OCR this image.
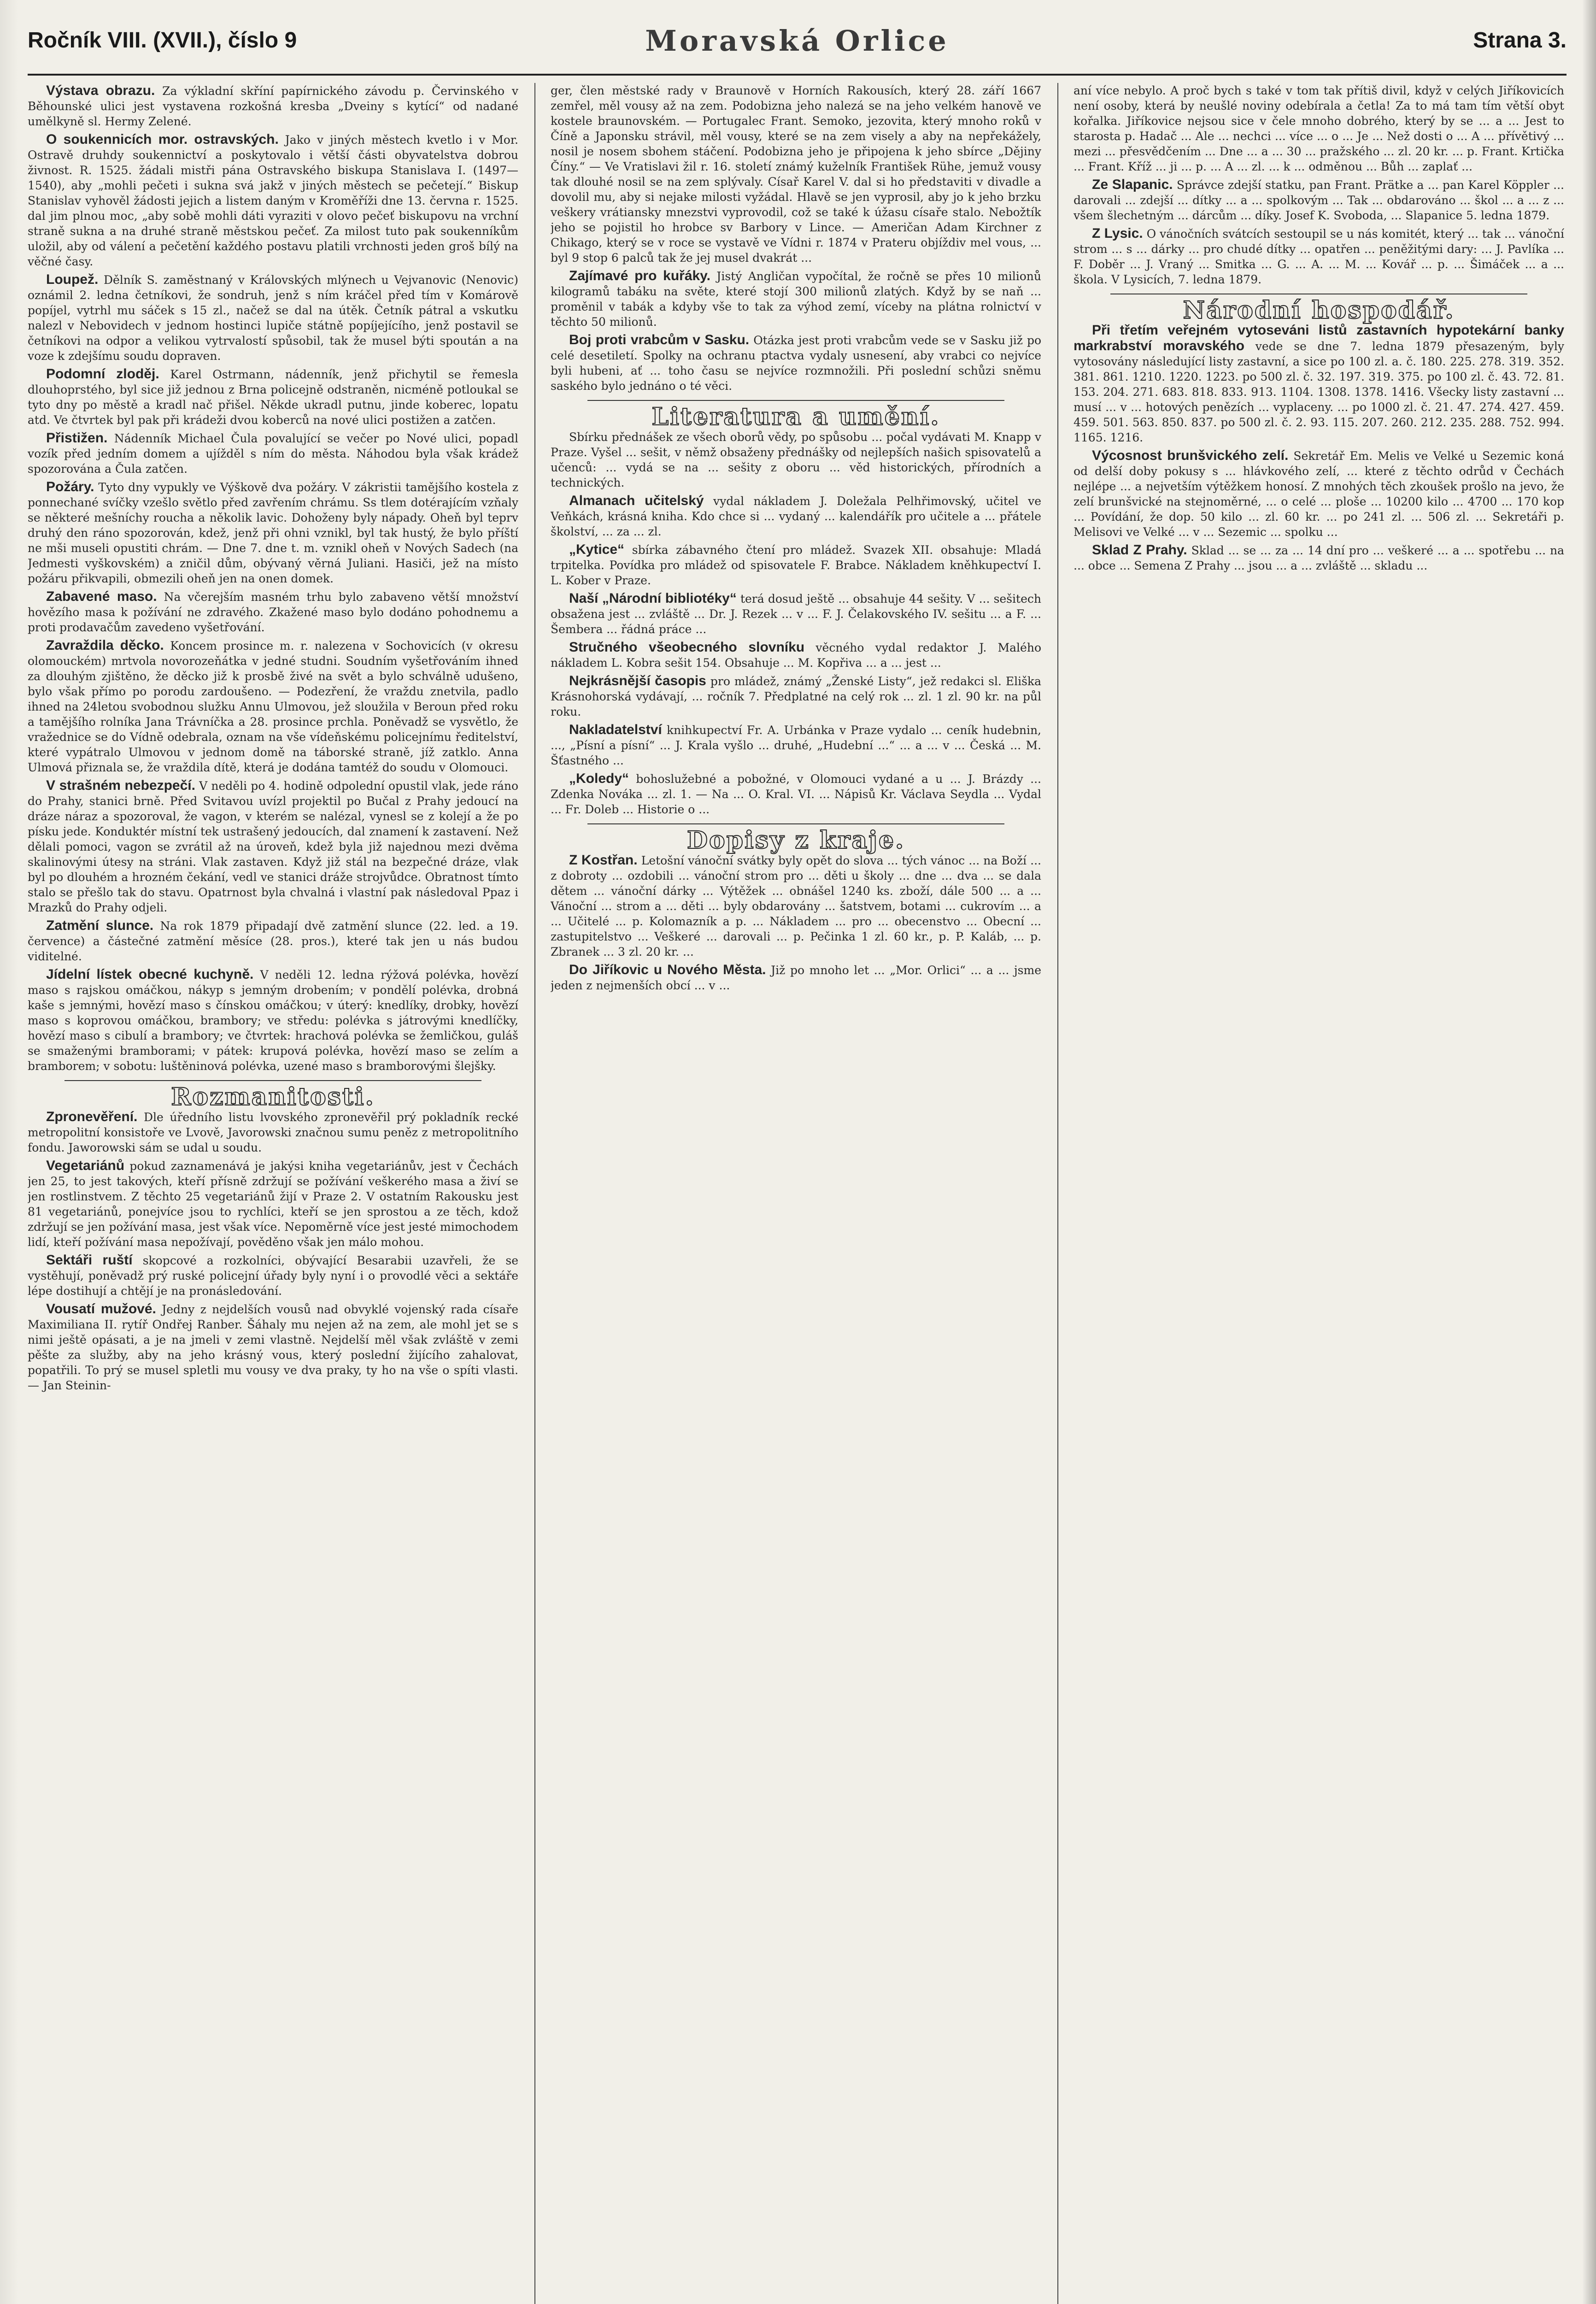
Ročník VIII. (XVII.), číslo 9	Moravská Orlice	Strana 3.

Výstava obrazu. Za výkladní skříní papírnického závodu p. Červinského v Běhounské ulici jest vystavena rozkošná kresba „Dveiny s kytící“ od nadané umělkyně sl. Hermy Zelené.

O soukennicích mor. ostravských. Jako v jiných městech kvetlo i v Mor. Ostravě druhdy soukennictví a poskytovalo i větší části obyvatelstva dobrou živnost. R. 1525. žádali mistři pána Ostravského biskupa Stanislava I. (1497—1540), aby „mohli pečeti i sukna svá jakž v jiných městech se pečetejí.“ Biskup Stanislav vyhověl žádosti jejich a listem daným v Kroměříži dne 13. června r. 1525. dal jim plnou moc, „aby sobě mohli dáti vyraziti v olovo pečeť biskupovu na vrchní straně sukna a na druhé straně městskou pečeť. Za milost tuto pak soukenníkům uložil, aby od válení a pečetění každého postavu platili vrchnosti jeden groš bílý na věčné časy.

Loupež. Dělník S. zaměstnaný v Královských mlýnech u Vejvanovic (Nenovic) oznámil 2. ledna četníkovi, že sondruh, jenž s ním kráčel před tím v Komárově popíjel, vytrhl mu sáček s 15 zl., načež se dal na útěk. Četník pátral a vskutku nalezl v Nebovidech v jednom hostinci lupiče státně popíjejícího, jenž postavil se četníkovi na odpor a velikou vytrvalostí spůsobil, tak že musel býti spoután a na voze k zdejšímu soudu dopraven.

Podomní zloděj. Karel Ostrmann, nádenník, jenž přichytil se řemesla dlouhoprstého, byl sice již jednou z Brna policejně odstraněn, nicméně potloukal se tyto dny po městě a kradl nač přišel. Někde ukradl putnu, jinde koberec, lopatu atd. Ve čtvrtek byl pak při krádeži dvou koberců na nové ulici postižen a zatčen.

Přistižen. Nádenník Michael Čula povalující se večer po Nové ulici, popadl vozík před jedním domem a ujížděl s ním do města. Náhodou byla však krádež spozorována a Čula zatčen.

Požáry. Tyto dny vypukly ve Výškově dva požáry. V zákristii tamějšího kostela z ponnechané svíčky vzešlo světlo před zavřením chrámu. Ss tlem dotérajícím vzňaly se některé mešníchy roucha a několik lavic. Dohoženy byly nápady. Oheň byl teprv druhý den ráno spozorován, kdež, jenž při ohni vznikl, byl tak hustý, že bylo příští ne mši museli opustiti chrám. — Dne 7. dne t. m. vznikl oheň v Nových Sadech (na Jedmesti vyškovském) a zničil dům, obývaný věrná Juliani. Hasiči, jež na místo požáru přikvapili, obmezili oheň jen na onen domek.

Zabavené maso. Na včerejším masném trhu bylo zabaveno větší množství hovězího masa k požívání ne zdravého. Zkažené maso bylo dodáno pohodnemu a proti prodavačům zavedeno vyšetřování.

Zavraždila děcko. Koncem prosince m. r. nalezena v Sochovicích (v okresu olomouckém) mrtvola novorozeňátka v jedné studni. Soudním vyšetřováním ihned za dlouhým zjištěno, že děcko již k prosbě živé na svět a bylo schválně udušeno, bylo však přímo po porodu zardoušeno. — Podezření, že vraždu znetvila, padlo ihned na 24letou svobodnou služku Annu Ulmovou, jež sloužila v Beroun před roku a tamějšího rolníka Jana Trávníčka a 28. prosince prchla. Poněvadž se vysvětlo, že vražednice se do Vídně odebrala, oznam na vše vídeňskému policejnímu ředitelství, které vypátralo Ulmovou v jednom domě na táborské straně, jíž zatklo. Anna Ulmová přiznala se, že vraždila dítě, která je dodána tamtéž do soudu v Olomouci.

V strašném nebezpečí. V neděli po 4. hodině odpolední opustil vlak, jede ráno do Prahy, stanici brně. Před Svitavou uvízl projektil po Bučal z Prahy jedoucí na dráze náraz a spozoroval, že vagon, v kterém se nalézal, vynesl se z kolejí a že po písku jede. Konduktér místní tek ustrašený jedoucích, dal znamení k zastavení. Než dělali pomoci, vagon se zvrátil až na úroveň, kdež byla již najednou mezi dvěma skalinovými útesy na stráni. Vlak zastaven. Když již stál na bezpečné dráze, vlak byl po dlouhém a hrozném čekání, vedl ve stanici dráže strojvůdce. Obratnost tímto stalo se přešlo tak do stavu. Opatrnost byla chvalná i vlastní pak následoval Ppaz i Mrazků do Prahy odjeli.

Zatmění slunce. Na rok 1879 připadají dvě zatmění slunce (22. led. a 19. července) a částečné zatmění měsíce (28. pros.), které tak jen u nás budou viditelné.

Jídelní lístek obecné kuchyně. V neděli 12. ledna rýžová polévka, hovězí maso s rajskou omáčkou, nákyp s jemným drobením; v pondělí polévka, drobná kaše s jemnými, hovězí maso s čínskou omáčkou; v úterý: knedlíky, drobky, hovězí maso s koprovou omáčkou, brambory; ve středu: polévka s játrovými knedlíčky, hovězí maso s cibulí a brambory; ve čtvrtek: hrachová polévka se žemličkou, guláš se smaženými bramborami; v pátek: krupová polévka, hovězí maso se zelím a bramborem; v sobotu: luštěninová polévka, uzené maso s bramborovými šlejšky.

Rozmanitosti.

Zpronevěření. Dle úředního listu lvovského zpronevěřil prý pokladník recké metropolitní konsistoře ve Lvově, Javorowski značnou sumu peněz z metropolitního fondu. Jaworowski sám se udal u soudu.

Vegetariánů pokud zaznamenává je jakýsi kniha vegetariánův, jest v Čechách jen 25, to jest takových, kteří přísně zdržují se požívání veškerého masa a živí se jen rostlinstvem. Z těchto 25 vegetariánů žijí v Praze 2. V ostatním Rakousku jest 81 vegetariánů, ponejvíce jsou to rychlíci, kteří se jen sprostou a ze těch, kdož zdržují se jen požívání masa, jest však více. Nepoměrně více jest jesté mimochodem lidí, kteří požívání masa nepožívají, pověděno však jen málo mohou.

Sektáři ruští skopcové a rozkolníci, obývající Besarabii uzavřeli, že se vystěhují, poněvadž prý ruské policejní úřady byly nyní i o provodlé věci a sektáře lépe dostihují a chtějí je na pronásledování.

Vousatí mužové. Jedny z nejdelších vousů nad obvyklé vojenský rada císaře Maximiliana II. rytíř Ondřej Ranber. Šáhaly mu nejen až na zem, ale mohl jet se s nimi ještě opásati, a je na jmeli v zemi vlastně. Nejdelší měl však zvláště v zemi pěšte za služby, aby na jeho krásný vous, který poslední žijícího zahalovat, popatřili. To prý se musel spletli mu vousy ve dva praky, ty ho na vše o spíti vlasti. — Jan Steinin-

ger, člen městské rady v Braunově v Horních Rakousích, který 28. září 1667 zemřel, měl vousy až na zem. Podobizna jeho nalezá se na jeho velkém hanově ve kostele braunovském. — Portugalec Frant. Semoko, jezovita, který mnoho roků v Číně a Japonsku strávil, měl vousy, které se na zem visely a aby na nepřekážely, nosil je nosem sbohem stáčení. Podobizna jeho je připojena k jeho sbírce „Dějiny Číny.“ — Ve Vratislavi žil r. 16. století známý kuželník František Rühe, jemuž vousy tak dlouhé nosil se na zem splývaly. Císař Karel V. dal si ho představiti v divadle a dovolil mu, aby si nejake milosti vyžádal. Hlavě se jen vyprosil, aby jo k jeho brzku veškery vrátiansky mnezstvi vyprovodil, což se také k úžasu císaře stalo. Nebožtík jeho se pojistil ho hrobce sv Barbory v Lince. — Američan Adam Kirchner z Chikago, který se v roce se vystavě ve Vídni r. 1874 v Prateru objíždiv mel vous, ... byl 9 stop 6 palců tak že jej musel dvakrát ...

Zajímavé pro kuřáky. Jistý Angličan vypočítal, že ročně se přes 10 milionů kilogramů tabáku na světe, které stojí 300 milionů zlatých. Když by se naň ... proměnil v tabák a kdyby vše to tak za výhod zemí, víceby na plátna rolnictví v těchto 50 milionů.

Boj proti vrabcům v Sasku. Otázka jest proti vrabcům vede se v Sasku již po celé desetiletí. Spolky na ochranu ptactva vydaly usnesení, aby vrabci co nejvíce byli hubeni, ať ... toho času se nejvíce rozmnožili. Při poslední schůzi sněmu saského bylo jednáno o té věci.

Literatura a umění.

Sbírku přednášek ze všech oborů vědy, po spůsobu ... počal vydávati M. Knapp v Praze. Vyšel ... sešit, v němž obsaženy přednášky od nejlepších našich spisovatelů a učenců: ... vydá se na ... sešity z oboru ... věd historických, přírodních a technických.

Almanach učitelský vydal nákladem J. Doležala Pelhřimovský, učitel ve Veňkách, krásná kniha. Kdo chce si ... vydaný ... kalendářík pro učitele a ... přátele školství, ... za ... zl.

„Kytice“ sbírka zábavného čtení pro mládež. Svazek XII. obsahuje: Mladá trpitelka. Povídka pro mládež od spisovatele F. Brabce. Nákladem kněhkupectví I. L. Kober v Praze.

Naší „Národní bibliotéky“ terá dosud ještě ... obsahuje 44 sešity. V ... sešitech obsažena jest ... zvláště ... Dr. J. Rezek ... v ... F. J. Čelakovského IV. sešitu ... a F. ... Šembera ... řádná práce ...

Stručného všeobecného slovníku věcného vydal redaktor J. Malého nákladem L. Kobra sešit 154. Obsahuje ... M. Kopřiva ... a ... jest ...

Nejkrásnější časopis pro mládež, známý „Ženské Listy“, jež redakci sl. Eliška Krásnohorská vydávají, ... ročník 7. Předplatné na celý rok ... zl. 1 zl. 90 kr. na půl roku.

Nakladatelství knihkupectví Fr. A. Urbánka v Praze vydalo ... ceník hudebnin, ..., „Písní a písní“ ... J. Krala vyšlo ... druhé, „Hudební ...“ ... a ... v ... Česká ... M. Šťastného ...

„Koledy“ bohoslužebné a pobožné, v Olomouci vydané a u ... J. Brázdy ... Zdenka Nováka ... zl. 1. — Na ... O. Kral. VI. ... Nápisů Kr. Václava Seydla ... Vydal ... Fr. Doleb ... Historie o ...

Dopisy z kraje.

Z Kostřan. Letošní vánoční svátky byly opět do slova ... tých vánoc ... na Boží ... z dobroty ... ozdobili ... vánoční strom pro ... děti u školy ... dne ... dva ... se dala dětem ... vánoční dárky ... Výtěžek ... obnášel 1240 ks. zboží, dále 500 ... a ... Vánoční ... strom a ... děti ... byly obdarovány ... šatstvem, botami ... cukrovím ... a ... Učitelé ... p. Kolomazník a p. ... Nákladem ... pro ... obecenstvo ... Obecní ... zastupitelstvo ... Veškeré ... darovali ... p. Pečinka 1 zl. 60 kr., p. P. Kaláb, ... p. Zbranek ... 3 zl. 20 kr. ...

Do Jiříkovic u Nového Města. Již po mnoho let ... „Mor. Orlici“ ... a ... jsme jeden z nejmenších obcí ... v ...

aní více nebylo. A proč bych s také v tom tak přítiš divil, když v celých Jiříkovicích není osoby, která by neušlé noviny odebírala a četla! Za to má tam tím větší obyt kořalka. Jiříkovice nejsou sice v čele mnoho dobrého, který by se ... a ... Jest to starosta p. Hadač ... Ale ... nechci ... více ... o ... Je ... Než dosti o ... A ... přívětivý ... mezi ... přesvědčením ... Dne ... a ... 30 ... pražského ... zl. 20 kr. ... p. Frant. Krtička ... Frant. Kříž ... ji ... p. ... A ... zl. ... k ... odměnou ... Bůh ... zaplať ...

Ze Slapanic. Správce zdejší statku, pan Frant. Prätke a ... pan Karel Köppler ... darovali ... zdejší ... dítky ... a ... spolkovým ... Tak ... obdarováno ... škol ... a ... z ... všem šlechetným ... dárcům ... díky. Josef K. Svoboda, ... Slapanice 5. ledna 1879.

Z Lysic. O vánočních svátcích sestoupil se u nás komitét, který ... tak ... vánoční strom ... s ... dárky ... pro chudé dítky ... opatřen ... peněžitými dary: ... J. Pavlíka ... F. Doběr ... J. Vraný ... Smitka ... G. ... A. ... M. ... Kovář ... p. ... Šimáček ... a ... škola. V Lysicích, 7. ledna 1879.

Národní hospodář.

Při třetím veřejném vytoseváni listů zastavních hypotekární banky markrabství moravského vede se dne 7. ledna 1879 přesazeným, byly vytosovány následující listy zastavní, a sice po 100 zl. a. č. 180. 225. 278. 319. 352. 381. 861. 1210. 1220. 1223. po 500 zl. č. 32. 197. 319. 375. po 100 zl. č. 43. 72. 81. 153. 204. 271. 683. 818. 833. 913. 1104. 1308. 1378. 1416. Všecky listy zastavní ... musí ... v ... hotových penězích ... vyplaceny. ... po 1000 zl. č. 21. 47. 274. 427. 459. 459. 501. 563. 850. 837. po 500 zl. č. 2. 93. 115. 207. 260. 212. 235. 288. 752. 994. 1165. 1216.

Výcosnost brunšvického zelí. Sekretář Em. Melis ve Velké u Sezemic koná od delší doby pokusy s ... hlávkového zelí, ... které z těchto odrůd v Čechách nejlépe ... a nejvetším výtěžkem honosí. Z mnohých těch zkoušek prošlo na jevo, že zelí brunšvické na stejnoměrné, ... o celé ... ploše ... 10200 kilo ... 4700 ... 170 kop ... Povídání, že dop. 50 kilo ... zl. 60 kr. ... po 241 zl. ... 506 zl. ... Sekretáři p. Melisovi ve Velké ... v ... Sezemic ... spolku ...

Sklad Z Prahy. Sklad ... se ... za ... 14 dní pro ... veškeré ... a ... spotřebu ... na ... obce ... Semena Z Prahy ... jsou ... a ... zvláště ... skladu ...
